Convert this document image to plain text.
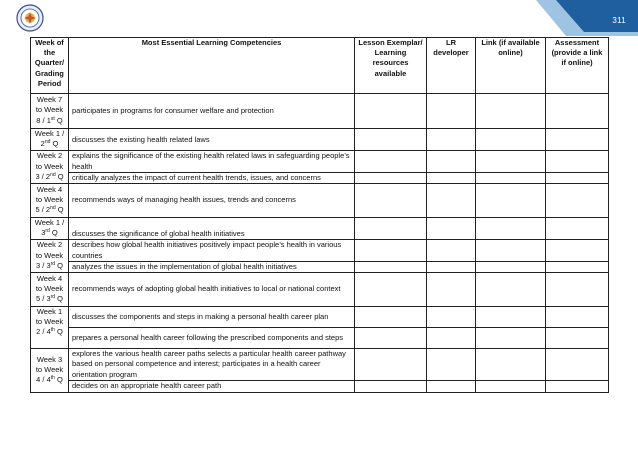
311
Week of the Quarter/ Grading Period	Most Essential Learning Competencies	Lesson Exemplar/ Learning resources available	LR developer	Link (if available online)	Assessment (provide a link if online)
Week 7
to Week
8 / 1st Q	participates in programs for consumer welfare and protection				
Week 1 /
2nd Q	discusses the existing health related laws				
Week 2
to Week
3 / 2nd Q	explains the significance of the existing health related laws in safeguarding people’s health				
	critically analyzes the impact of current health trends, issues, and concerns				
Week 4
to Week
5 / 2nd Q	recommends ways of managing health issues, trends and concerns				
Week 1 /
3rd Q	discusses the significance of global health initiatives				
Week 2
to Week
3 / 3rd Q	describes how global health initiatives positively impact people’s health in various countries				
	analyzes the issues in the implementation of global health initiatives				
Week 4
to Week
5 / 3rd Q	recommends ways of adopting global health initiatives to local or national context				
Week 1
to Week
2 / 4th Q	discusses the components and steps in making a personal health career plan				
	prepares a personal health career following the prescribed components and steps				
Week 3
to Week
4 / 4th Q	explores the various health career paths selects a particular health career pathway based on personal competence and interest; participates in a health career orientation program				
	decides on an appropriate health career path				
